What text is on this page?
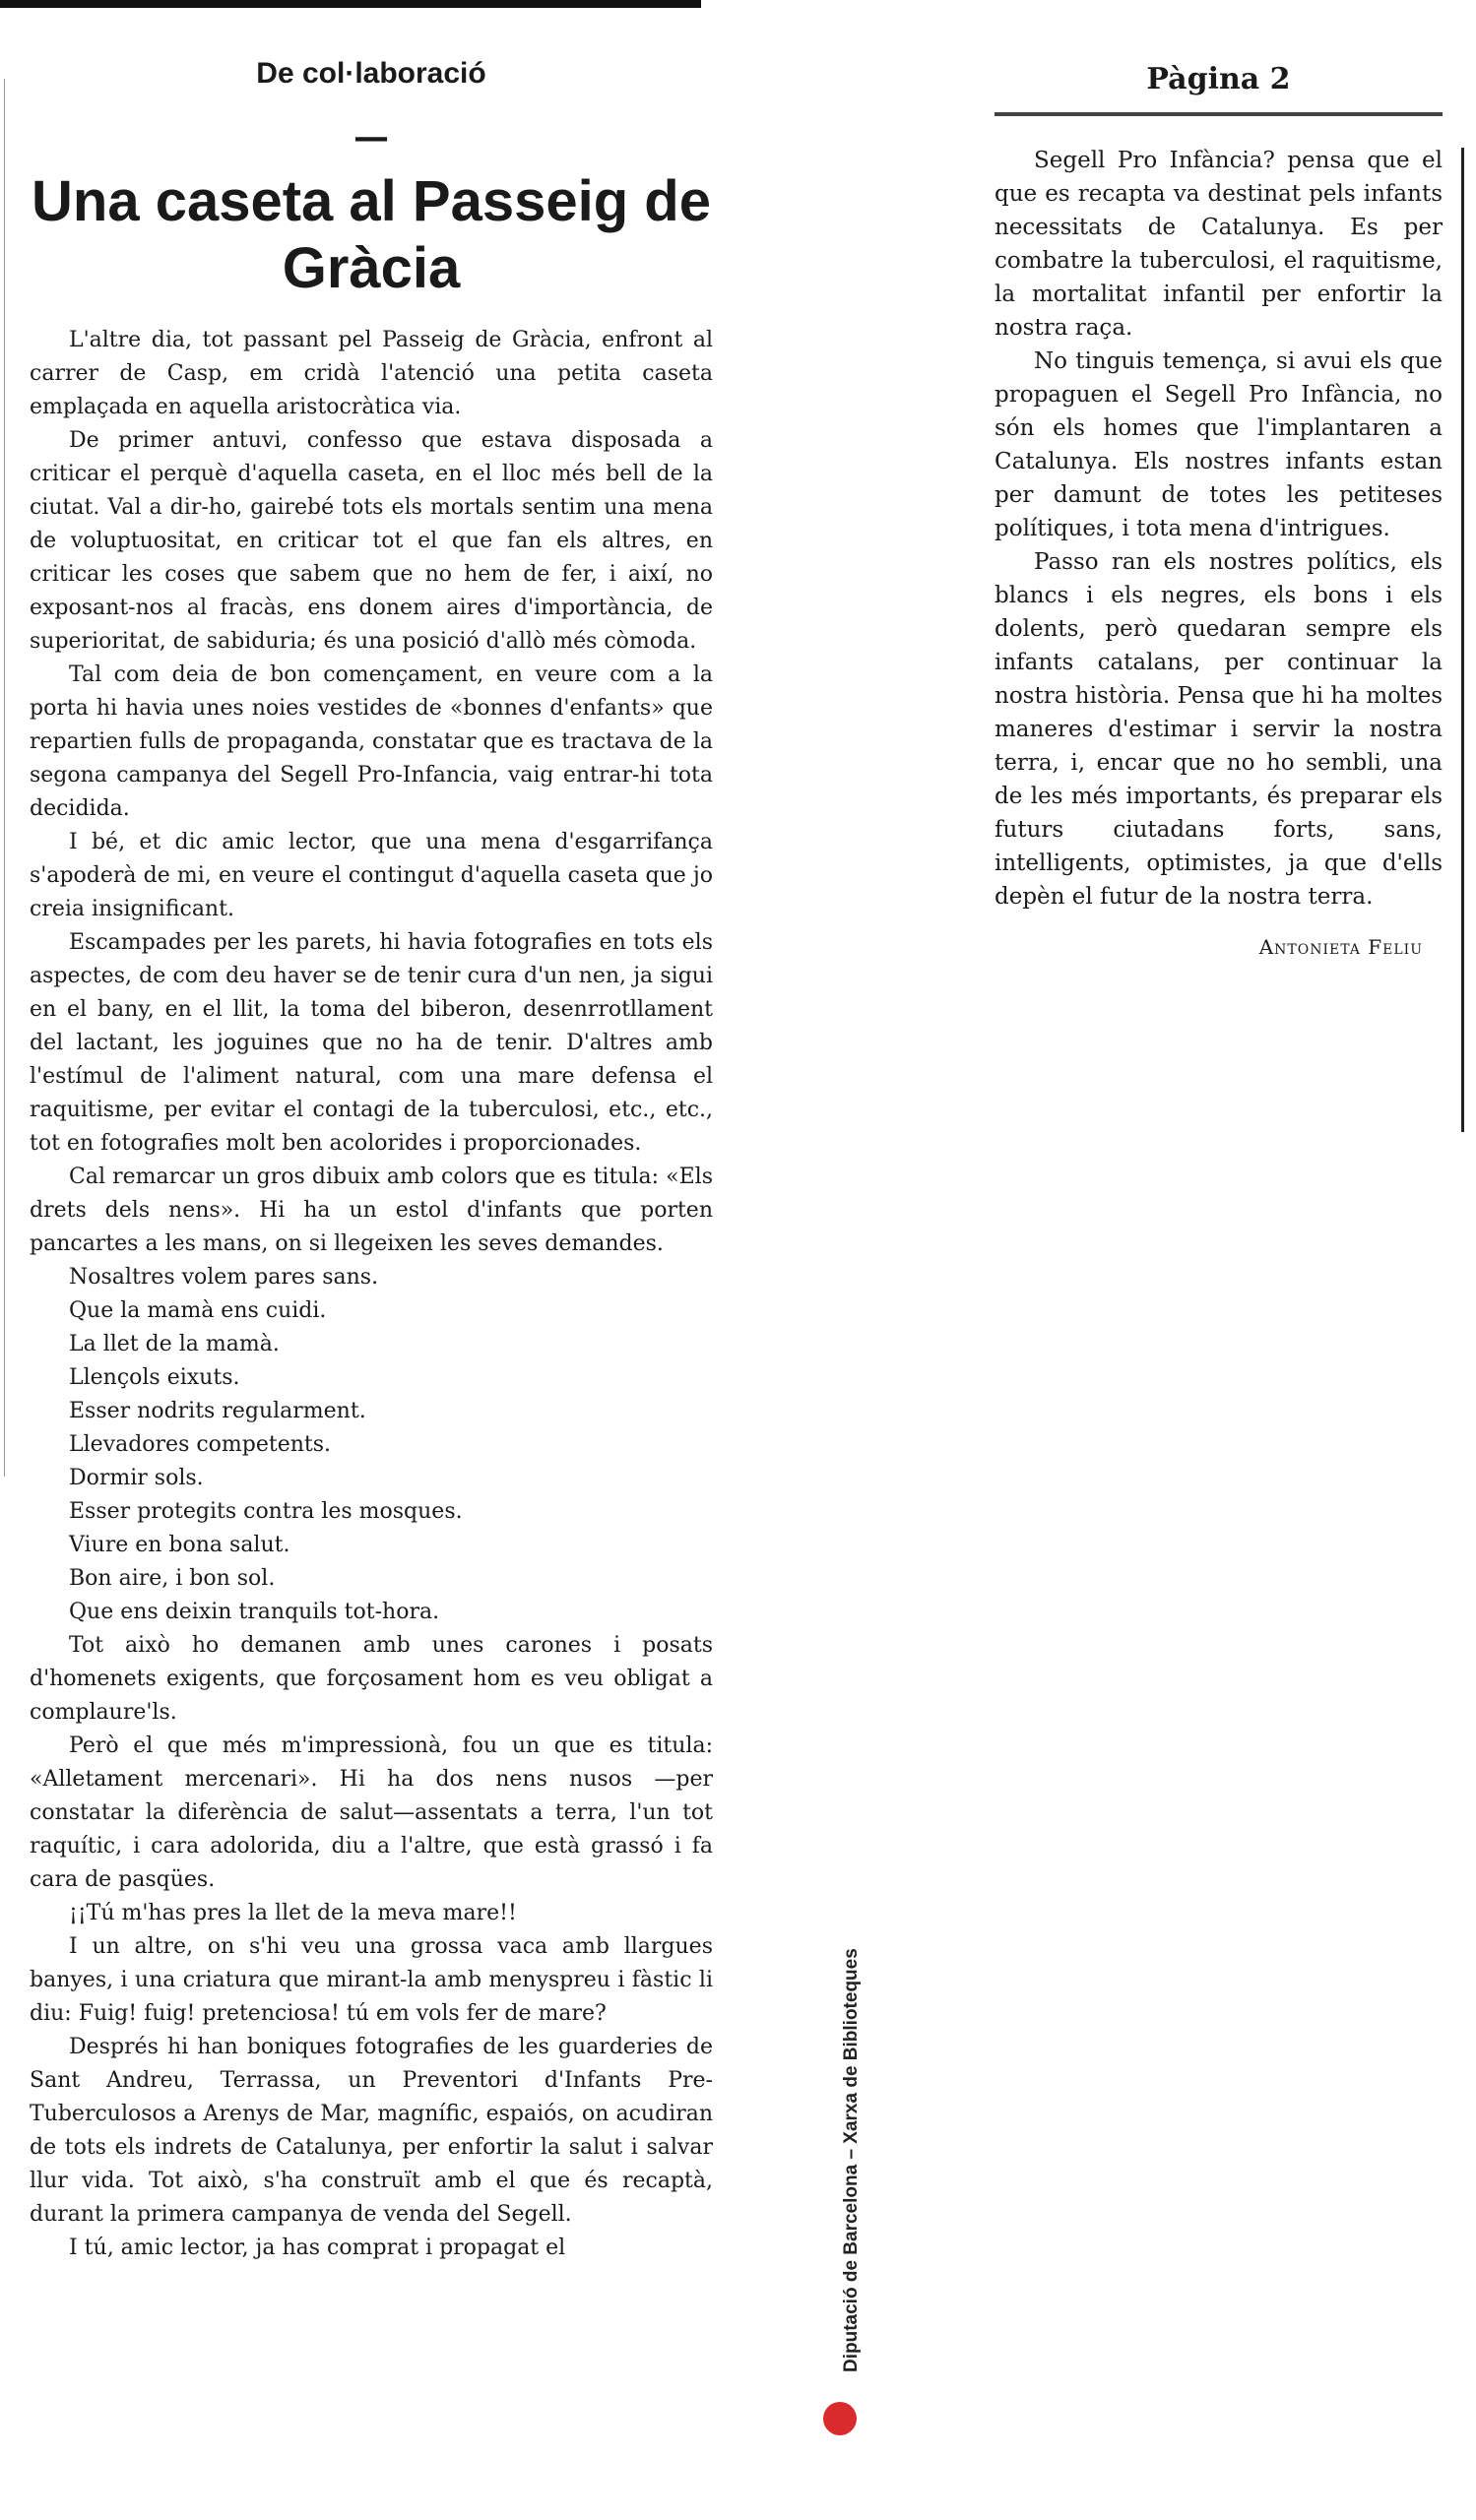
De col·laboració

—

Una caseta al Passeig de Gràcia

L'altre dia, tot passant pel Passeig de Gràcia, enfront al carrer de Casp, em cridà l'atenció una petita caseta emplaçada en aquella aristocràtica via.

De primer antuvi, confesso que estava disposada a criticar el perquè d'aquella caseta, en el lloc més bell de la ciutat. Val a dir-ho, gairebé tots els mortals sentim una mena de voluptuositat, en criticar tot el que fan els altres, en criticar les coses que sabem que no hem de fer, i així, no exposant-nos al fracàs, ens donem aires d'importància, de superioritat, de sabiduria; és una posició d'allò més còmoda.

Tal com deia de bon començament, en veure com a la porta hi havia unes noies vestides de «bonnes d'enfants» que repartien fulls de propaganda, constatar que es tractava de la segona campanya del Segell Pro-Infancia, vaig entrar-hi tota decidida.

I bé, et dic amic lector, que una mena d'esgarrifança s'apoderà de mi, en veure el contingut d'aquella caseta que jo creia insignificant.

Escampades per les parets, hi havia fotografies en tots els aspectes, de com deu haver se de tenir cura d'un nen, ja sigui en el bany, en el llit, la toma del biberon, desenrrotllament del lactant, les joguines que no ha de tenir. D'altres amb l'estímul de l'aliment natural, com una mare defensa el raquitisme, per evitar el contagi de la tuberculosi, etc., etc., tot en fotografies molt ben acolorides i proporcionades.

Cal remarcar un gros dibuix amb colors que es titula: «Els drets dels nens». Hi ha un estol d'infants que porten pancartes a les mans, on si llegeixen les seves demandes.

Nosaltres volem pares sans.
Que la mamà ens cuidi.
La llet de la mamà.
Llençols eixuts.
Esser nodrits regularment.
Llevadores competents.
Dormir sols.
Esser protegits contra les mosques.
Viure en bona salut.
Bon aire, i bon sol.
Que ens deixin tranquils tot-hora.

Tot això ho demanen amb unes carones i posats d'homenets exigents, que forçosament hom es veu obligat a complaure'ls.

Però el que més m'impressionà, fou un que es titula: «Alletament mercenari». Hi ha dos nens nusos —per constatar la diferència de salut—assentats a terra, l'un tot raquític, i cara adolorida, diu a l'altre, que està grassó i fa cara de pasqües.

¡¡Tú m'has pres la llet de la meva mare!!

I un altre, on s'hi veu una grossa vaca amb llargues banyes, i una criatura que mirant-la amb menyspreu i fàstic li diu: Fuig! fuig! pretenciosa! tú em vols fer de mare?

Després hi han boniques fotografies de les guarderies de Sant Andreu, Terrassa, un Preventori d'Infants Pre-Tuberculosos a Arenys de Mar, magnífic, espaiós, on acudiran de tots els indrets de Catalunya, per enfortir la salut i salvar llur vida. Tot això, s'ha construït amb el que és recaptà, durant la primera campanya de venda del Segell.

I tú, amic lector, ja has comprat i propagat el

Pàgina 2

Segell Pro Infància? pensa que el que es recapta va destinat pels infants necessitats de Catalunya. Es per combatre la tuberculosi, el raquitisme, la mortalitat infantil per enfortir la nostra raça.

No tinguis temença, si avui els que propaguen el Segell Pro Infància, no són els homes que l'implantaren a Catalunya. Els nostres infants estan per damunt de totes les petiteses polítiques, i tota mena d'intrigues.

Passo ran els nostres polítics, els blancs i els negres, els bons i els dolents, però quedaran sempre els infants catalans, per continuar la nostra història. Pensa que hi ha moltes maneres d'estimar i servir la nostra terra, i, encar que no ho sembli, una de les més importants, és preparar els futurs ciutadans forts, sans, intelligents, optimistes, ja que d'ells depèn el futur de la nostra terra.

Antonieta Feliu
Diputació de Barcelona – Xarxa de Biblioteques
